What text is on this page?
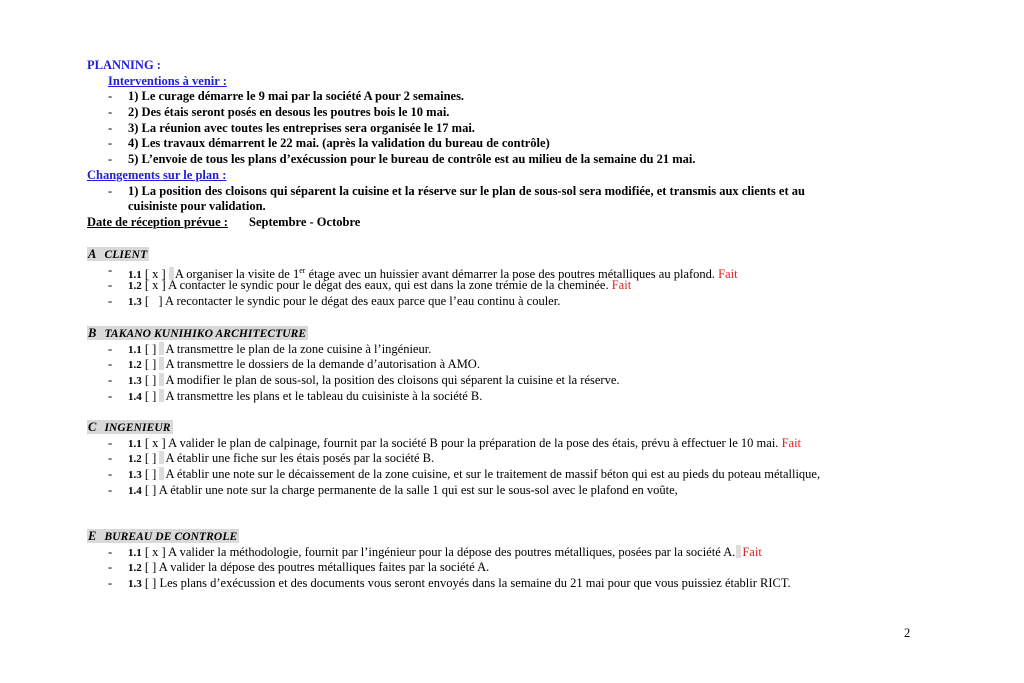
PLANNING :
Interventions à venir :
- 1) Le curage démarre le 9 mai par la société A pour 2 semaines.
- 2) Des étais seront posés en desous les poutres bois le 10 mai.
- 3) La réunion avec toutes les entreprises sera organisée le 17 mai.
- 4) Les travaux démarrent le 22 mai. (après la validation du bureau de contrôle)
- 5) L’envoie de tous les plans d’exécussion pour le bureau de contrôle est au milieu de la semaine du 21 mai.
Changements sur le plan :
- 1) La position des cloisons qui séparent la cuisine et la réserve sur le plan de sous-sol sera modifiée, et transmis aux clients et au
cuisiniste pour validation.
Date de réception prévue : Septembre - Octobre
A CLIENT
- 1.1 [ x ] A organiser la visite de 1er étage avec un huissier avant démarrer la pose des poutres métalliques au plafond. Fait
- 1.2 [ x ] A contacter le syndic pour le dégat des eaux, qui est dans la zone trémie de la cheminée. Fait
- 1.3 [   ] A recontacter le syndic pour le dégat des eaux parce que l’eau continu à couler.
B TAKANO KUNIHIKO ARCHITECTURE
- 1.1 [ ] A transmettre le plan de la zone cuisine à l’ingénieur.
- 1.2 [ ] A transmettre le dossiers de la demande d’autorisation à AMO.
- 1.3 [ ] A modifier le plan de sous-sol, la position des cloisons qui séparent la cuisine et la réserve.
- 1.4 [ ] A transmettre les plans et le tableau du cuisiniste à la société B.
C INGENIEUR
- 1.1 [ x ] A valider le plan de calpinage, fournit par la société B pour la préparation de la pose des étais, prévu à effectuer le 10 mai. Fait
- 1.2 [ ] A établir une fiche sur les étais posés par la société B.
- 1.3 [ ] A établir une note sur le décaissement de la zone cuisine, et sur le traitement de massif béton qui est au pieds du poteau métallique,
- 1.4 [ ] A établir une note sur la charge permanente de la salle 1 qui est sur le sous-sol avec le plafond en voûte,
E BUREAU DE CONTROLE
- 1.1 [ x ] A valider la méthodologie, fournit par l’ingénieur pour la dépose des poutres métalliques, posées par la société A. Fait
- 1.2 [ ] A valider la dépose des poutres métalliques faites par la société A.
- 1.3 [ ] Les plans d’exécussion et des documents vous seront envoyés dans la semaine du 21 mai pour que vous puissiez établir RICT.
2
